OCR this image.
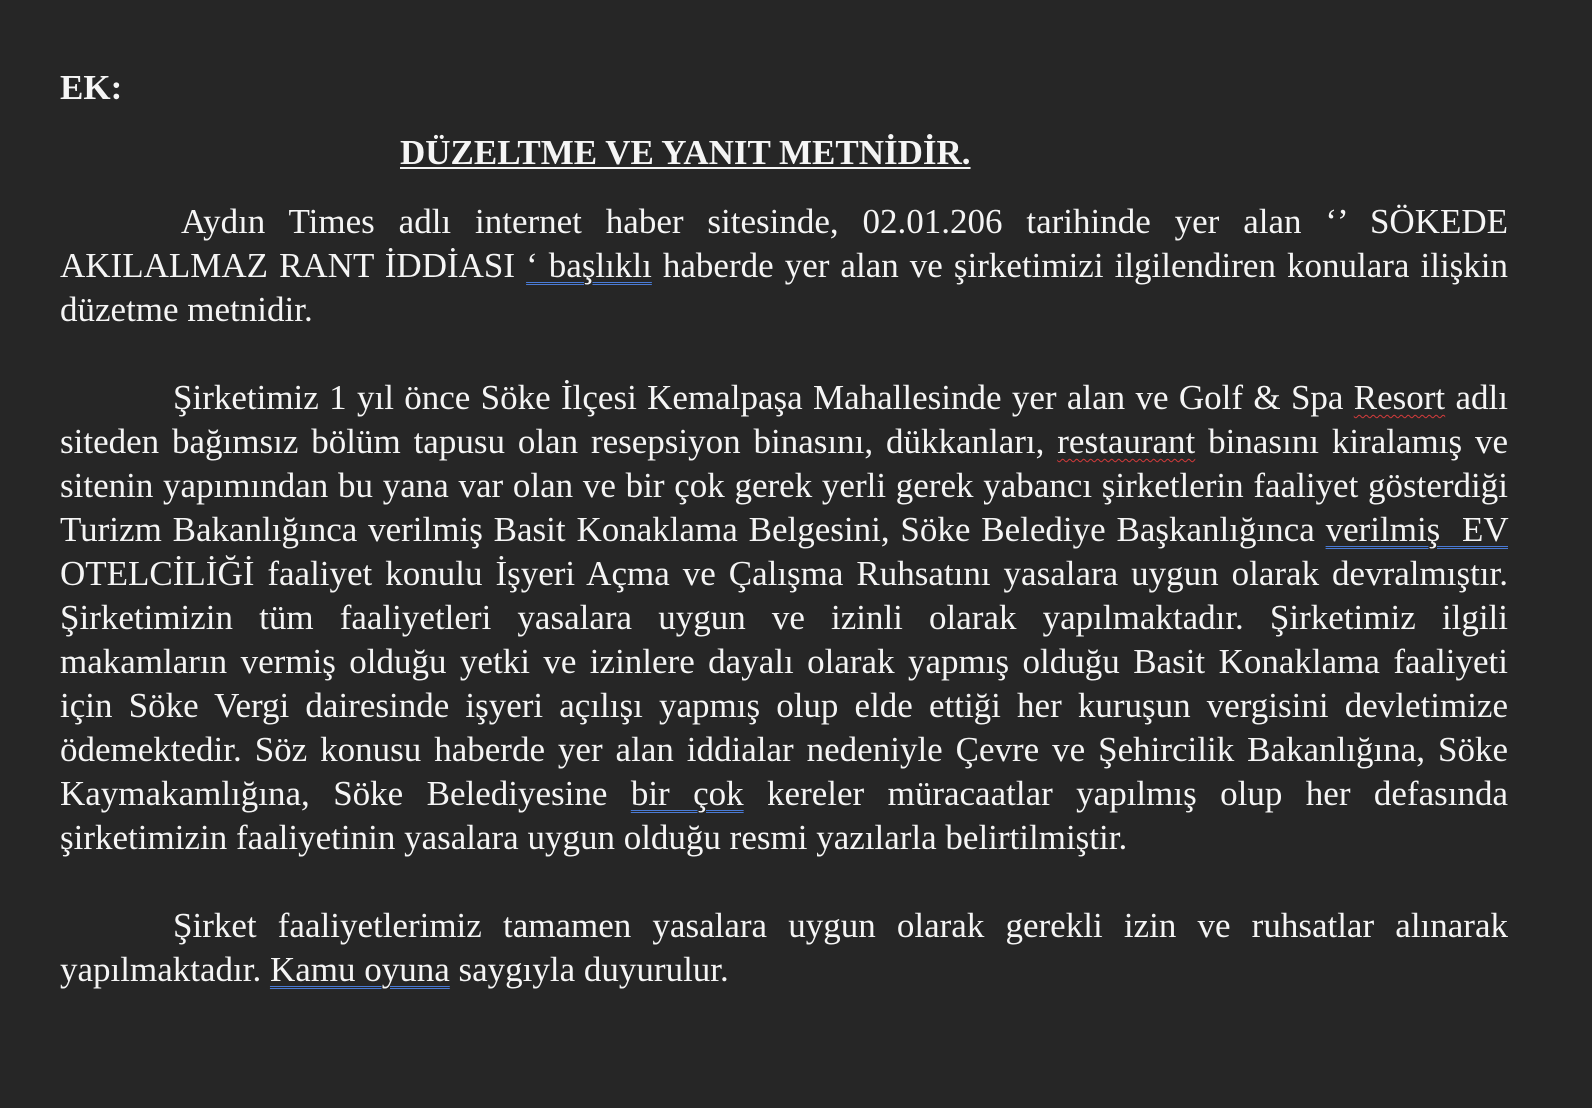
EK:

DÜZELTME VE YANIT METNİDİR.

Aydın Times adlı internet haber sitesinde, 02.01.206 tarihinde yer alan ‘’ SÖKEDE AKILALMAZ RANT İDDİASI ‘ başlıklı haberde yer alan ve şirketimizi ilgilendiren konulara ilişkin düzetme metnidir.

Şirketimiz 1 yıl önce Söke İlçesi Kemalpaşa Mahallesinde yer alan ve Golf & Spa Resort adlı siteden bağımsız bölüm tapusu olan resepsiyon binasını, dükkanları, restaurant binasını kiralamış ve sitenin yapımından bu yana var olan ve bir çok gerek yerli gerek yabancı şirketlerin faaliyet gösterdiği Turizm Bakanlığınca verilmiş Basit Konaklama Belgesini, Söke Belediye Başkanlığınca verilmiş  EV OTELCİLİĞİ faaliyet konulu İşyeri Açma ve Çalışma Ruhsatını yasalara uygun olarak devralmıştır. Şirketimizin tüm faaliyetleri yasalara uygun ve izinli olarak yapılmaktadır. Şirketimiz ilgili makamların vermiş olduğu yetki ve izinlere dayalı olarak yapmış olduğu Basit Konaklama faaliyeti için Söke Vergi dairesinde işyeri açılışı yapmış olup elde ettiği her kuruşun vergisini devletimize ödemektedir. Söz konusu haberde yer alan iddialar nedeniyle Çevre ve Şehircilik Bakanlığına, Söke Kaymakamlığına, Söke Belediyesine bir çok kereler müracaatlar yapılmış olup her defasında şirketimizin faaliyetinin yasalara uygun olduğu resmi yazılarla belirtilmiştir.

Şirket faaliyetlerimiz tamamen yasalara uygun olarak gerekli izin ve ruhsatlar alınarak yapılmaktadır. Kamu oyuna saygıyla duyurulur.
